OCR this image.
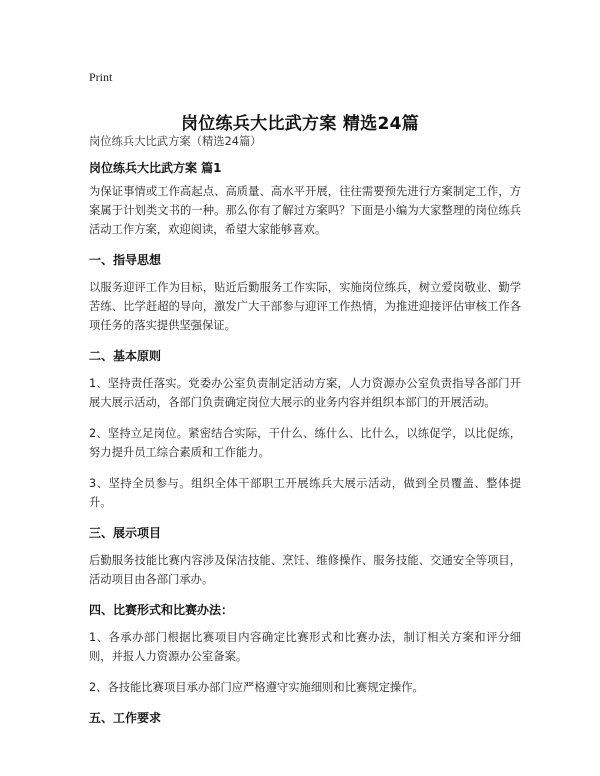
Print
岗位练兵大比武方案 精选24篇

岗位练兵大比武方案（精选24篇）

岗位练兵大比武方案 篇1

为保证事情或工作高起点、高质量、高水平开展，往往需要预先进行方案制定工作，方案属于计划类文书的一种。那么你有了解过方案吗？下面是小编为大家整理的岗位练兵活动工作方案，欢迎阅读，希望大家能够喜欢。

一、指导思想

以服务迎评工作为目标，贴近后勤服务工作实际，实施岗位练兵，树立爱岗敬业、勤学苦练、比学赶超的导向，激发广大干部参与迎评工作热情，为推进迎接评估审核工作各项任务的落实提供坚强保证。

二、基本原则

1、坚持责任落实。党委办公室负责制定活动方案，人力资源办公室负责指导各部门开展大展示活动，各部门负责确定岗位大展示的业务内容并组织本部门的开展活动。

2、坚持立足岗位。紧密结合实际，干什么、练什么、比什么，以练促学，以比促练，努力提升员工综合素质和工作能力。

3、坚持全员参与。组织全体干部职工开展练兵大展示活动，做到全员覆盖、整体提升。

三、展示项目

后勤服务技能比赛内容涉及保洁技能、烹饪、维修操作、服务技能、交通安全等项目，活动项目由各部门承办。

四、比赛形式和比赛办法：

1、各承办部门根据比赛项目内容确定比赛形式和比赛办法，制订相关方案和评分细则，并报人力资源办公室备案。

2、各技能比赛项目承办部门应严格遵守实施细则和比赛规定操作。

五、工作要求
